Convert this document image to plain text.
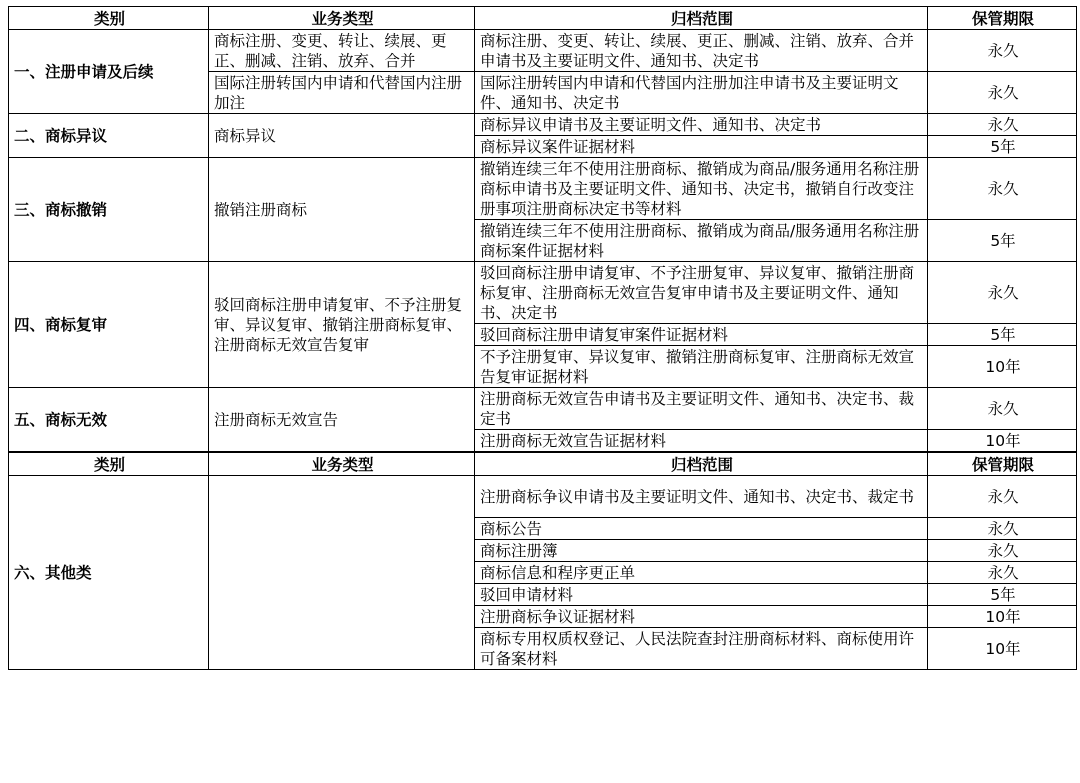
类别	业务类型	归档范围	保管期限
一、注册申请及后续	商标注册、变更、转让、续展、更正、删减、注销、放弃、合并	商标注册、变更、转让、续展、更正、删减、注销、放弃、合并申请书及主要证明文件、通知书、决定书	永久
	国际注册转国内申请和代替国内注册加注	国际注册转国内申请和代替国内注册加注申请书及主要证明文件、通知书、决定书	永久
二、商标异议	商标异议	商标异议申请书及主要证明文件、通知书、决定书	永久
		商标异议案件证据材料	5年
三、商标撤销	撤销注册商标	撤销连续三年不使用注册商标、撤销成为商品/服务通用名称注册商标申请书及主要证明文件、通知书、决定书，撤销自行改变注册事项注册商标决定书等材料	永久
		撤销连续三年不使用注册商标、撤销成为商品/服务通用名称注册商标案件证据材料	5年
四、商标复审	驳回商标注册申请复审、不予注册复审、异议复审、撤销注册商标复审、注册商标无效宣告复审	驳回商标注册申请复审、不予注册复审、异议复审、撤销注册商标复审、注册商标无效宣告复审申请书及主要证明文件、通知书、决定书	永久
		驳回商标注册申请复审案件证据材料	5年
		不予注册复审、异议复审、撤销注册商标复审、注册商标无效宣告复审证据材料	10年
五、商标无效	注册商标无效宣告	注册商标无效宣告申请书及主要证明文件、通知书、决定书、裁定书	永久
		注册商标无效宣告证据材料	10年
类别	业务类型	归档范围	保管期限
六、其他类		注册商标争议申请书及主要证明文件、通知书、决定书、裁定书	永久
		商标公告	永久
		商标注册簿	永久
		商标信息和程序更正单	永久
		驳回申请材料	5年
		注册商标争议证据材料	10年
		商标专用权质权登记、人民法院查封注册商标材料、商标使用许可备案材料	10年
